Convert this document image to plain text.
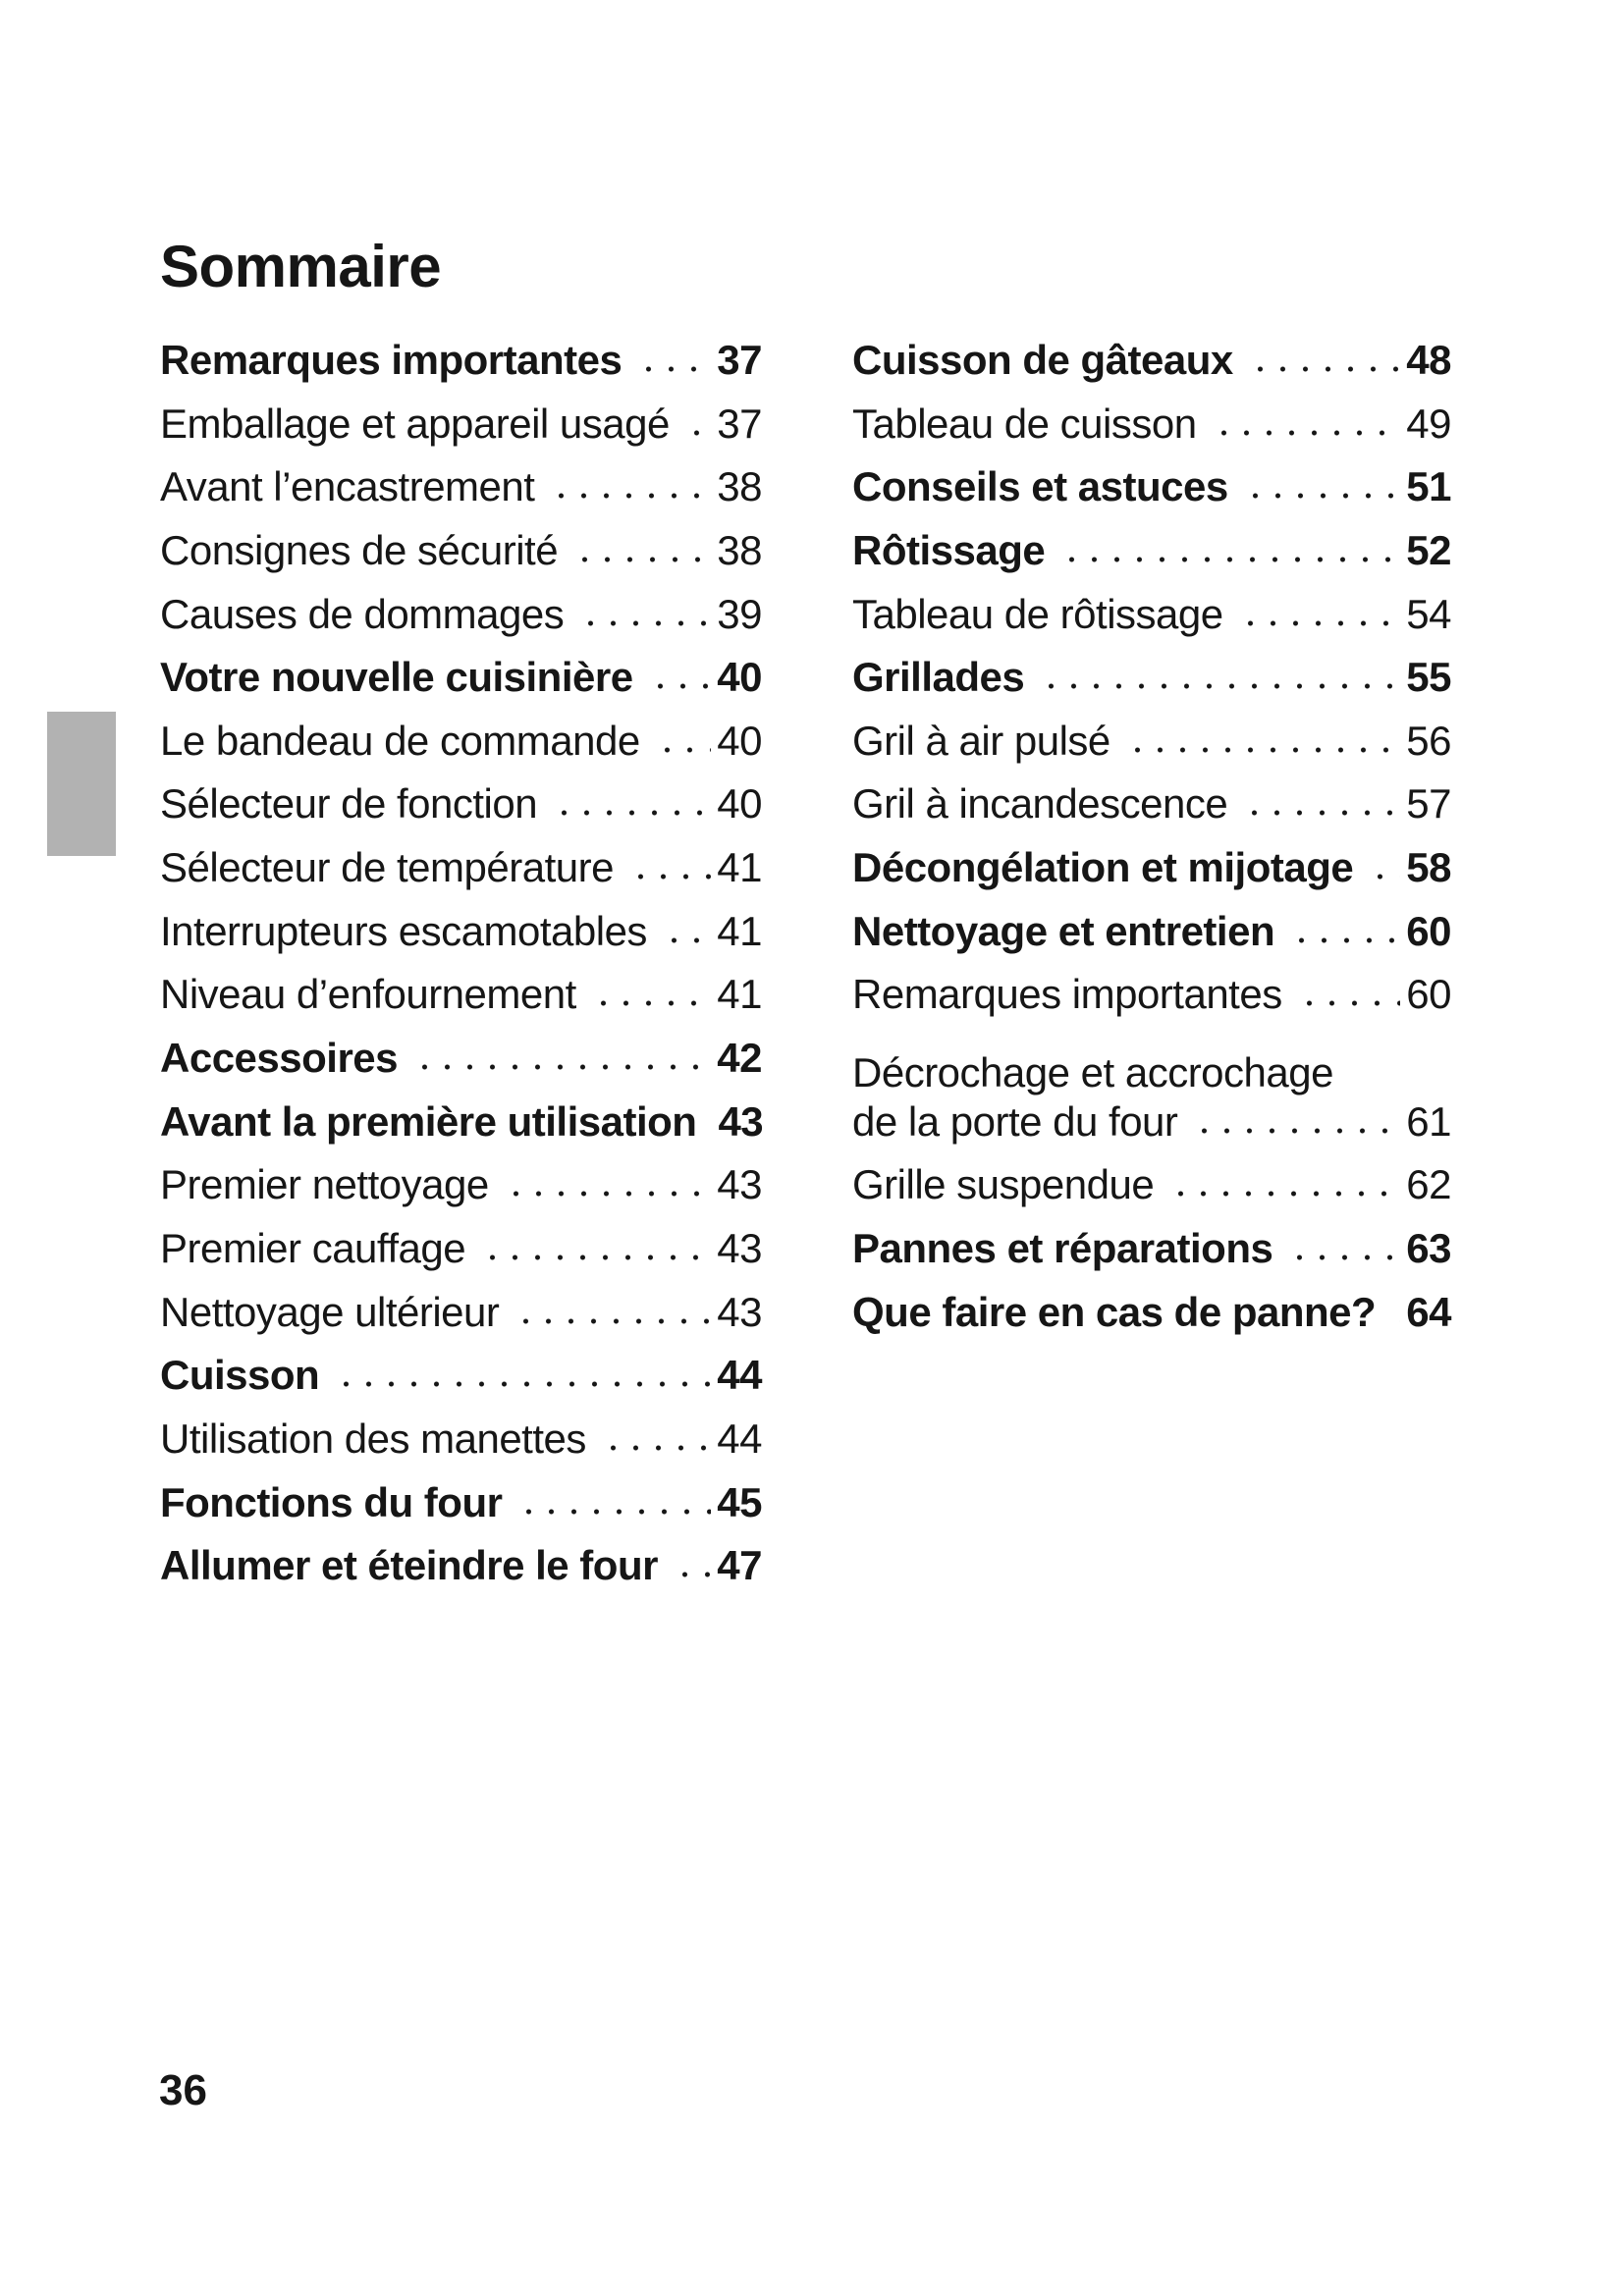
Sommaire
Remarques importantes 37
Emballage et appareil usagé 37
Avant l’encastrement	38
Consignes de sécurité	38
Causes de dommages	39
Votre nouvelle cuisinière 40
Le bandeau de commande 40
Sélecteur de fonction	40
Sélecteur de température	41
Interrupteurs escamotables 41
Niveau d’enfournement	41
Accessoires	42
Avant la première utilisation 43
Premier nettoyage	43
Premier cauffage	43
Nettoyage ultérieur	43
Cuisson	44
Utilisation des manettes	44
Fonctions du four	45
Allumer et éteindre le four 47
Cuisson de gâteaux	48
Tableau de cuisson	49
Conseils et astuces	51
Rôtissage	52
Tableau de rôtissage	54
Grillades	55
Gril à air pulsé	56
Gril à incandescence	57
Décongélation et mijotage 58
Nettoyage et entretien	60
Remarques importantes	60
Décrochage et accrochage
de la porte du four	61
Grille suspendue	62
Pannes et réparations	63
Que faire en cas de panne? 64
36
